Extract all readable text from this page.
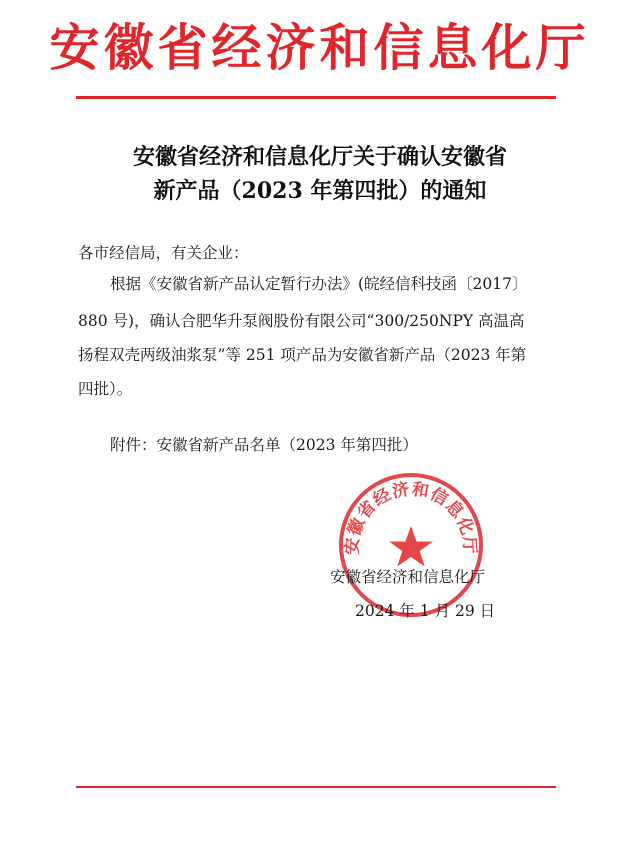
安徽省经济和信息化厅
安徽省经济和信息化厅关于确认安徽省
新产品（2023 年第四批）的通知
各市经信局，有关企业：
根据《安徽省新产品认定暂行办法》(皖经信科技函〔2017〕
880 号)，确认合肥华升泵阀股份有限公司“300/250NPY 高温高
扬程双壳两级油浆泵”等 251 项产品为安徽省新产品（2023 年第
四批）。
附件：安徽省新产品名单（2023 年第四批）
安徽省经济和信息化厅
安徽省经济和信息化厅
2024 年 1 月 29 日
